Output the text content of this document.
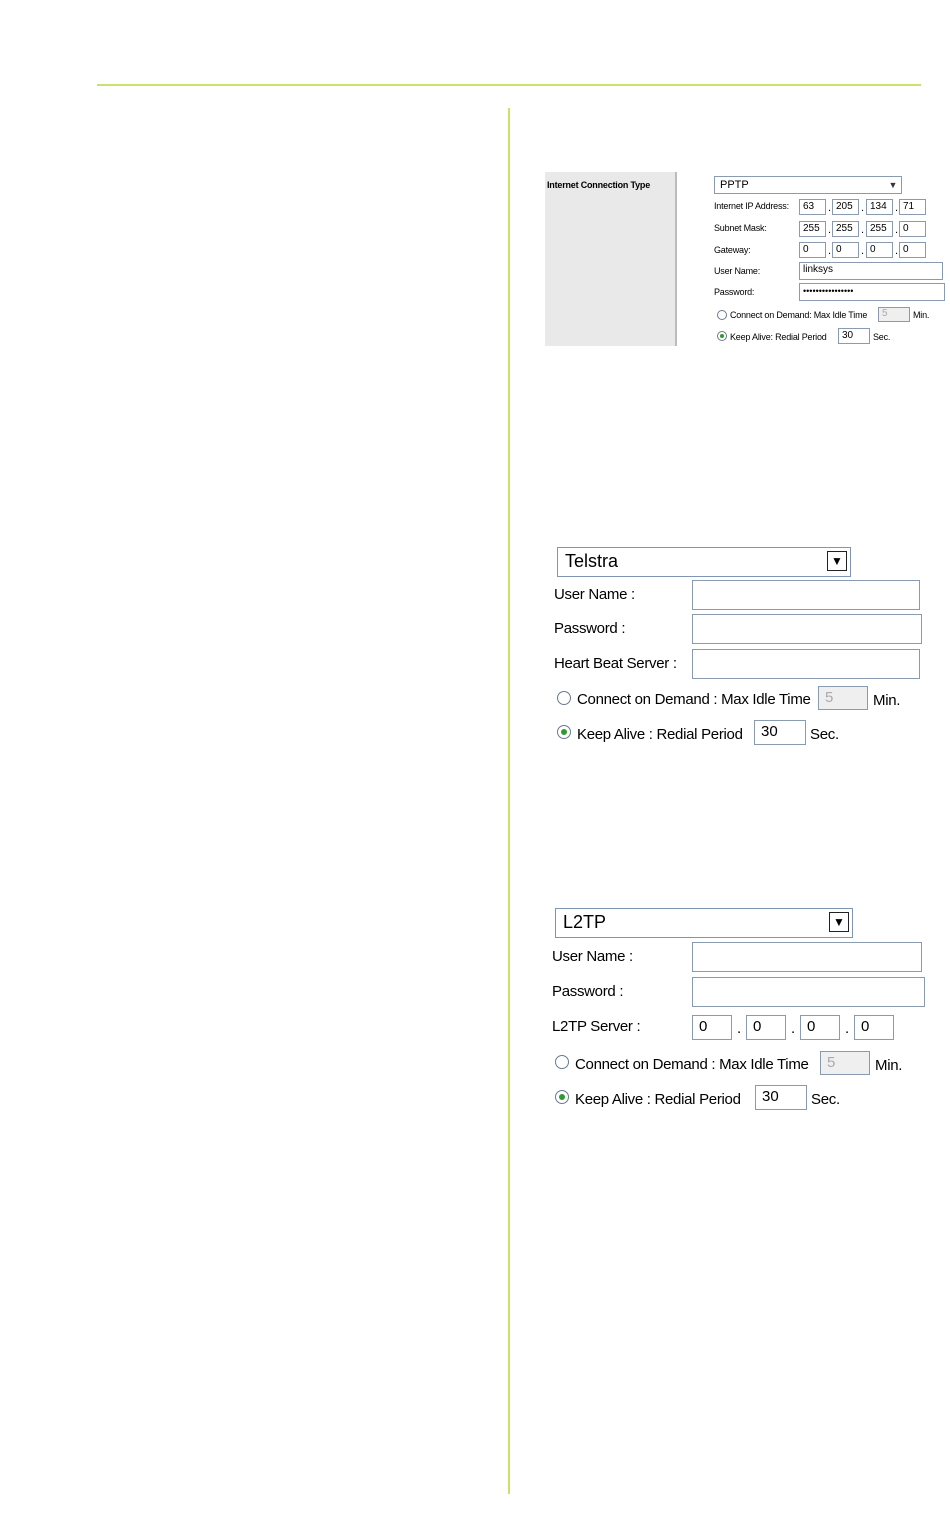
Internet Connection Type	PPTP	▼
Internet IP Address:	63	. 205 . 134 . 71
Subnet Mask:	255 . 255 . 255 . 0
Gateway:	0	. 0	. 0	. 0
User Name:	linksys
Password:	••••••••••••••••
Connect on Demand: Max Idle Time	5	Min.
Keep Alive: Redial Period	30	Sec.
Telstra	▼
User Name :
Password :
Heart Beat Server :
Connect on Demand : Max Idle Time 5	Min.
Keep Alive : Redial Period	30	Sec.
L2TP	▼
User Name :
Password :
L2TP Server :	0	. 0	. 0	. 0
Connect on Demand : Max Idle Time	5	Min.
Keep Alive : Redial Period	30	Sec.
